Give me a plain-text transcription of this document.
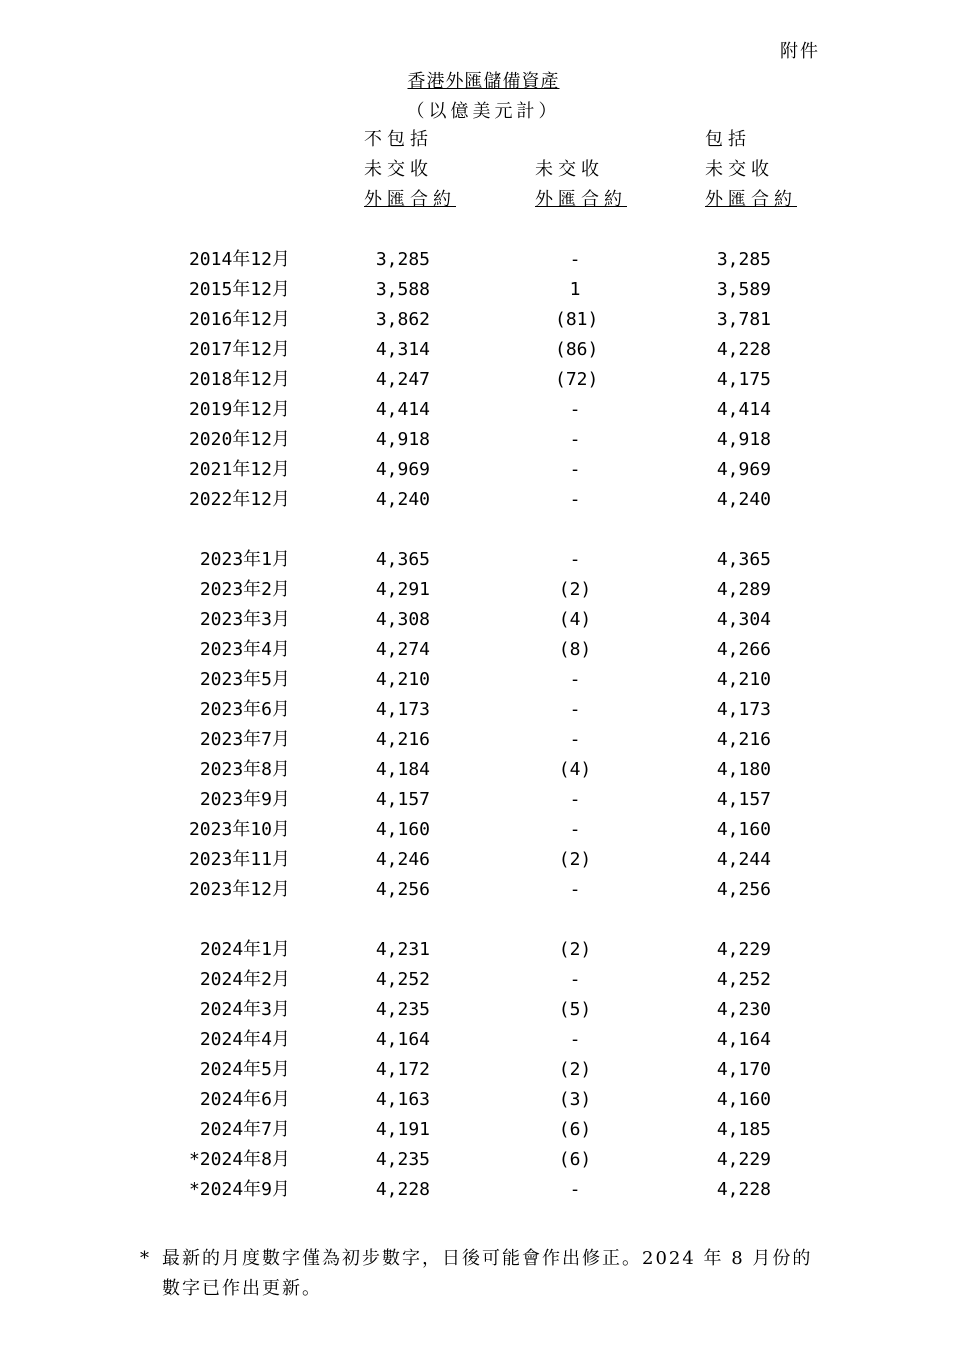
附件
香港外匯儲備資產
（以億美元計）
不包括
未交收
外匯合約
未交收
外匯合約
包括
未交收
外匯合約
2014年12月	3,285	-	3,285
2015年12月	3,588	1	3,589
2016年12月	3,862	(81)	3,781
2017年12月	4,314	(86)	4,228
2018年12月	4,247	(72)	4,175
2019年12月	4,414	-	4,414
2020年12月	4,918	-	4,918
2021年12月	4,969	-	4,969
2022年12月	4,240	-	4,240
2023年1月	4,365	-	4,365
2023年2月	4,291	(2)	4,289
2023年3月	4,308	(4)	4,304
2023年4月	4,274	(8)	4,266
2023年5月	4,210	-	4,210
2023年6月	4,173	-	4,173
2023年7月	4,216	-	4,216
2023年8月	4,184	(4)	4,180
2023年9月	4,157	-	4,157
2023年10月	4,160	-	4,160
2023年11月	4,246	(2)	4,244
2023年12月	4,256	-	4,256
2024年1月	4,231	(2)	4,229
2024年2月	4,252	-	4,252
2024年3月	4,235	(5)	4,230
2024年4月	4,164	-	4,164
2024年5月	4,172	(2)	4,170
2024年6月	4,163	(3)	4,160
2024年7月	4,191	(6)	4,185
*2024年8月	4,235	(6)	4,229
*2024年9月	4,228	-	4,228
* 最新的月度數字僅為初步數字，日後可能會作出修正。2024 年 8 月份的數字已作出更新。
